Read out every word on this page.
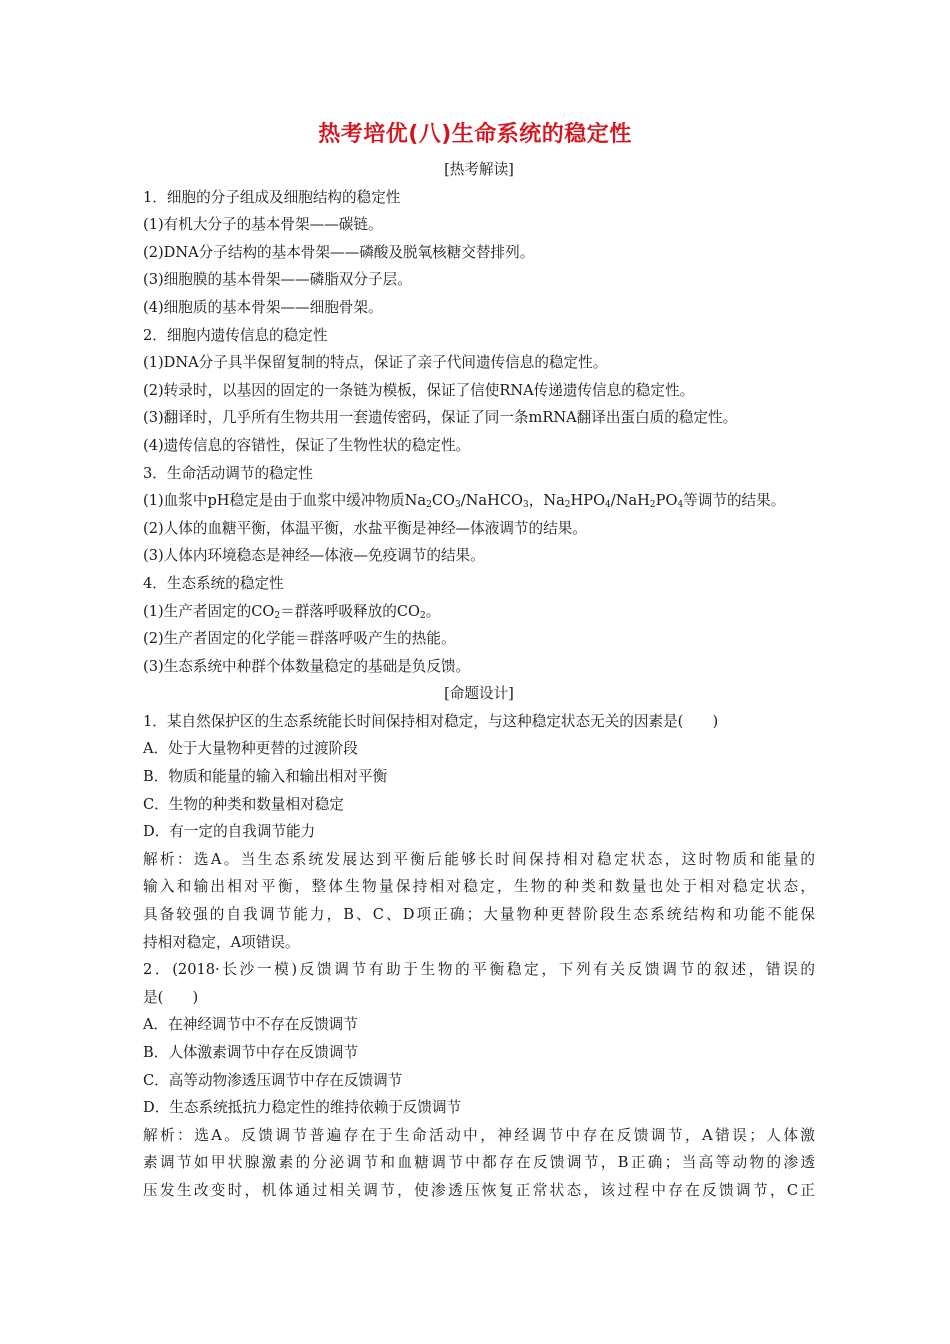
热考培优(八)生命系统的稳定性
[热考解读]
1．细胞的分子组成及细胞结构的稳定性
(1)有机大分子的基本骨架——碳链。
(2)DNA分子结构的基本骨架——磷酸及脱氧核糖交替排列。
(3)细胞膜的基本骨架——磷脂双分子层。
(4)细胞质的基本骨架——细胞骨架。
2．细胞内遗传信息的稳定性
(1)DNA分子具半保留复制的特点，保证了亲子代间遗传信息的稳定性。
(2)转录时，以基因的固定的一条链为模板，保证了信使RNA传递遗传信息的稳定性。
(3)翻译时，几乎所有生物共用一套遗传密码，保证了同一条mRNA翻译出蛋白质的稳定性。
(4)遗传信息的容错性，保证了生物性状的稳定性。
3．生命活动调节的稳定性
(1)血浆中pH稳定是由于血浆中缓冲物质$Na_2CO_3/NaHCO_3$，$Na_2HPO_4/NaH_2PO_4$等调节的结果。
(2)人体的血糖平衡，体温平衡，水盐平衡是神经—体液调节的结果。
(3)人体内环境稳态是神经—体液—免疫调节的结果。
4．生态系统的稳定性
(1)生产者固定的$CO_2=$群落呼吸释放的$CO_2$。
(2)生产者固定的化学能＝群落呼吸产生的热能。
(3)生态系统中种群个体数量稳定的基础是负反馈。
[命题设计]
1．某自然保护区的生态系统能长时间保持相对稳定，与这种稳定状态无关的因素是(　　)
A．处于大量物种更替的过渡阶段
B．物质和能量的输入和输出相对平衡
C．生物的种类和数量相对稳定
D．有一定的自我调节能力
解析：选A。当生态系统发展达到平衡后能够长时间保持相对稳定状态，这时物质和能量的
输入和输出相对平衡，整体生物量保持相对稳定，生物的种类和数量也处于相对稳定状态，
具备较强的自我调节能力，B、C、D项正确；大量物种更替阶段生态系统结构和功能不能保
持相对稳定，A项错误。
2．(2018·长沙一模)反馈调节有助于生物的平衡稳定，下列有关反馈调节的叙述，错误的
是(　　)
A．在神经调节中不存在反馈调节
B．人体激素调节中存在反馈调节
C．高等动物渗透压调节中存在反馈调节
D．生态系统抵抗力稳定性的维持依赖于反馈调节
解析：选A。反馈调节普遍存在于生命活动中，神经调节中存在反馈调节，A错误；人体激
素调节如甲状腺激素的分泌调节和血糖调节中都存在反馈调节，B正确；当高等动物的渗透
压发生改变时，机体通过相关调节，使渗透压恢复正常状态，该过程中存在反馈调节，C正
